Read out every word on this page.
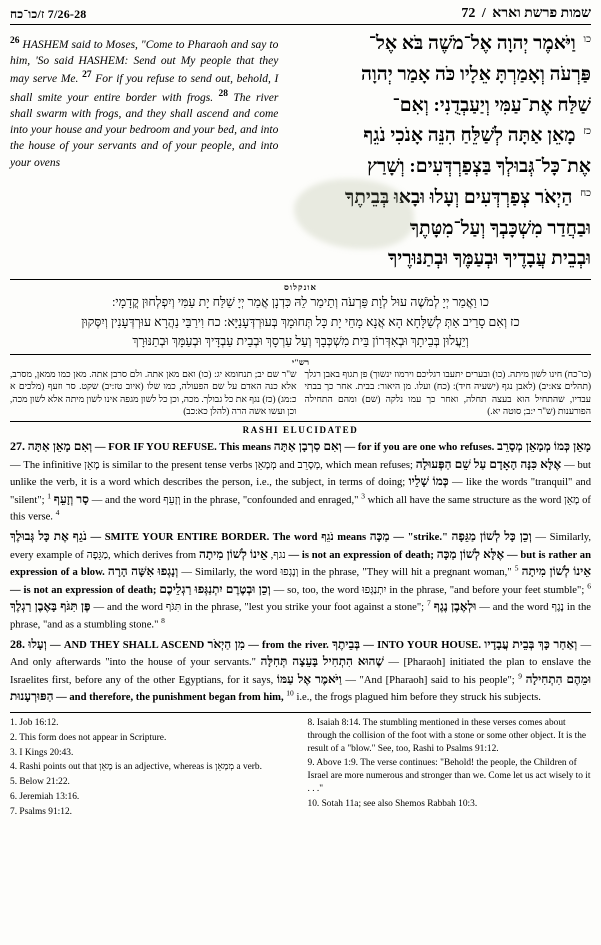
7/26-28 ז/כו־כח	שמות פרשת וארא / 72
$^{26}$ HASHEM said to Moses, "Come to Pharaoh and say to him, 'So said HASHEM: Send out My people that they may serve Me. $^{27}$ For if you refuse to send out, behold, I shall smite your entire border with frogs. $^{28}$ The river shall swarm with frogs, and they shall ascend and come into your house and your bedroom and your bed, and into the house of your servants and of your people, and into your ovens
$^{כו}$ וַיֹּאמֶר יְהוָה אֶל־מֹשֶׁה בֹּא אֶל־
פַּרְעֹה וְאָמַרְתָּ אֵלָיו כֹּה אָמַר יְהוָה
שַׁלַּח אֶת־עַמִּי וְיַעַבְדֻנִי: וְאִם־
$^{כז}$ מָאֵן אַתָּה לְשַׁלֵּחַ הִנֵּה אָנֹכִי נֹגֵף
אֶת־כָּל־גְּבוּלְךָ בַּצְפַרְדְּעִים: וְשָׁרַץ
$^{כח}$ הַיְאֹר צְפַרְדְּעִים וְעָלוּ וּבָאוּ בְּבֵיתֶךָ
וּבַחֲדַר מִשְׁכָּבְךָ וְעַל־מִטָּתֶךָ
וּבְבֵית עֲבָדֶיךָ וּבְעַמֶּךָ וּבְתַנּוּרֶיךָ
אונקלוס
כו וַאֲמַר יְיָ לְמֹשֶׁה עוּל לְוָת פַּרְעֹה וְתֵימַר לֵהּ כִּדְנָן אֲמַר יְיָ שַׁלַּח יָת עַמִּי וְיִפְלְחוּן קֳדָמָי:
כז וְאִם סָרֵיב אַתְּ לְשַׁלָּחָא הָא אֲנָא מָחֵי יָת כָּל תְּחוּמָךְ בְּעוּרְדְּעָנַיָּא: כח וִירַבֵּי נַהֲרָא עוּרְדְּעָנִין וְיִסְּקוּן
וְיֵעֲלוּן בְּבֵיתָךְ וּבְאִדְּרוֹן בֵּית מִשְׁכְּבָךְ וְעַל עַרְסָךְ וּבְבֵית עַבְדָּיךְ וּבְעַמָּךְ וּבְתַנּוּרָךְ
רש"י
(כו־כח) חינו לשון מיתה. (כו) ובערים יתעבו רגליכם וירמוז ינשוך) פן תגוף באבן רגלך (תהלים צא:יב) (לאבן נגף (ישעיה חיד): (כח) ועלו. מן היאור: בבית. אחר כך בבתי עבדיו, שהתחיל הוא בעצה תחלה, ואחר כך עמו נלקה (שם) ומהם התחילה הפורענות (ש"ר י:ב; סוטה יא.)
ש"ר שם יב; תנחומא יג: (כו) ואם מאן אתה. ולם סרבן אתה. מאן כמו ממאן, מסרב, אלא כנה האדם על שם הפעולה, כמו שלו (איוב טז:יב) שקט. סר וזעף (מלכים א כ:מג) (כז) נגף את כל גבולך. מכה, וכן כל לשון מגפה אינו לשון מיתה אלא לשון מכה, וכן ועשו אשה הרה (להלן כא:כב)
RASHI ELUCIDATED

27. וְאִם מָאֵן אַתָּה — FOR IF YOU REFUSE. This means וְאִם סַרְבָן אַתָּה — for if you are one who refuses. מָאֵן כְּמוֹ מְמָאֵן מְסָרֵב — The infinitive מָאֵן is similar to the present tense verbs מְמָאֵן and מְסָרֵב, which mean refuses; אֶלָּא כִּנָּה הָאָדָם עַל שֵׁם הַפְּעוּלָה — but unlike the verb, it is a word which describes the person, i.e., the subject, in terms of doing; כְּמוֹ שָׁלֵיו — like the words "tranquil" and "silent"; סָר וְזָעֵף $^1$	— and the word וְזָעֵף in the phrase, "confounded and enraged," $^3$ which all have the same structure as the word מָאֵן of this verse. $^4$

נֹגֵף אֶת כָּל גְּבוּלֶךָ — SMITE YOUR ENTIRE BORDER. The word נֹגֵף means מַכָּה — "strike." וְכֵן כָּל לְשׁוֹן מַגֵּפָה — Similarly, every example of מַגֵּפָה, which derives from נגף, אֵינוֹ לְשׁוֹן מִיתָה — is not an expression of death; אֶלָּא לְשׁוֹן מַכָּה — but is rather an expression of a blow. וְנָגְפוּ אִשָּׁה הָרָה — Similarly, the word וְנָגְפוּ in the phrase, "They will hit a pregnant woman," $^5$ אֵינוֹ לְשׁוֹן מִיתָה — is not an expression of death; וְכֵן וּבְטֶרֶם יִתְנַגְּפוּ רַגְלֵיכֶם — so, too, the word יִתְנַגְּפוּ in the phrase, "and before your feet stumble"; $^6$ פֶּן תִּגֹּף בָּאֶבֶן רַגְלֶךָ — and the word תִּגֹּף in the phrase, "lest you strike your foot against a stone"; $^7$ וּלְאֶבֶן נֶגֶף — and the word נֶגֶף in the phrase, "and as a stumbling stone." $^8$

28. וְעָלוּ — AND THEY SHALL ASCEND מִן הַיְאֹר — from the river. בְּבֵיתֶךָ — INTO YOUR HOUSE. וְאַחַר כָּךְ בְּבֵית עֲבָדָיו — And only afterwards "into the house of your servants." שֶׁהוּא הִתְחִיל בָּעֵצָה תְּחִלָּה — [Pharaoh] initiated the plan to enslave the Israelites first, before any of the other Egyptians, for it says, וַיֹּאמֶר אֶל עַמּוֹ — "And [Pharaoh] said to his people"; $^9$ וּמֵהֶם הִתְחִילָה הַפּוּרְעָנוּת — and therefore, the punishment began from him, $^{10}$ i.e., the frogs plagued him before they struck his subjects.

1. Job 16:12.

2. This form does not appear in Scripture.

3. I Kings 20:43.

4. Rashi points out that מָאֵן is an adjective, whereas is מְמָאֵן a verb.

5. Below 21:22.

6. Jeremiah 13:16.

7. Psalms 91:12.

8. Isaiah 8:14. The stumbling mentioned in these verses comes about through the collision of the foot with a stone or some other object. It is the result of a "blow." See, too, Rashi to Psalms 91:12.

9. Above 1:9. The verse continues: "Behold! the people, the Children of Israel are more numerous and stronger than we. Come let us act wisely to it . . ."

10. Sotah 11a; see also Shemos Rabbah 10:3.
